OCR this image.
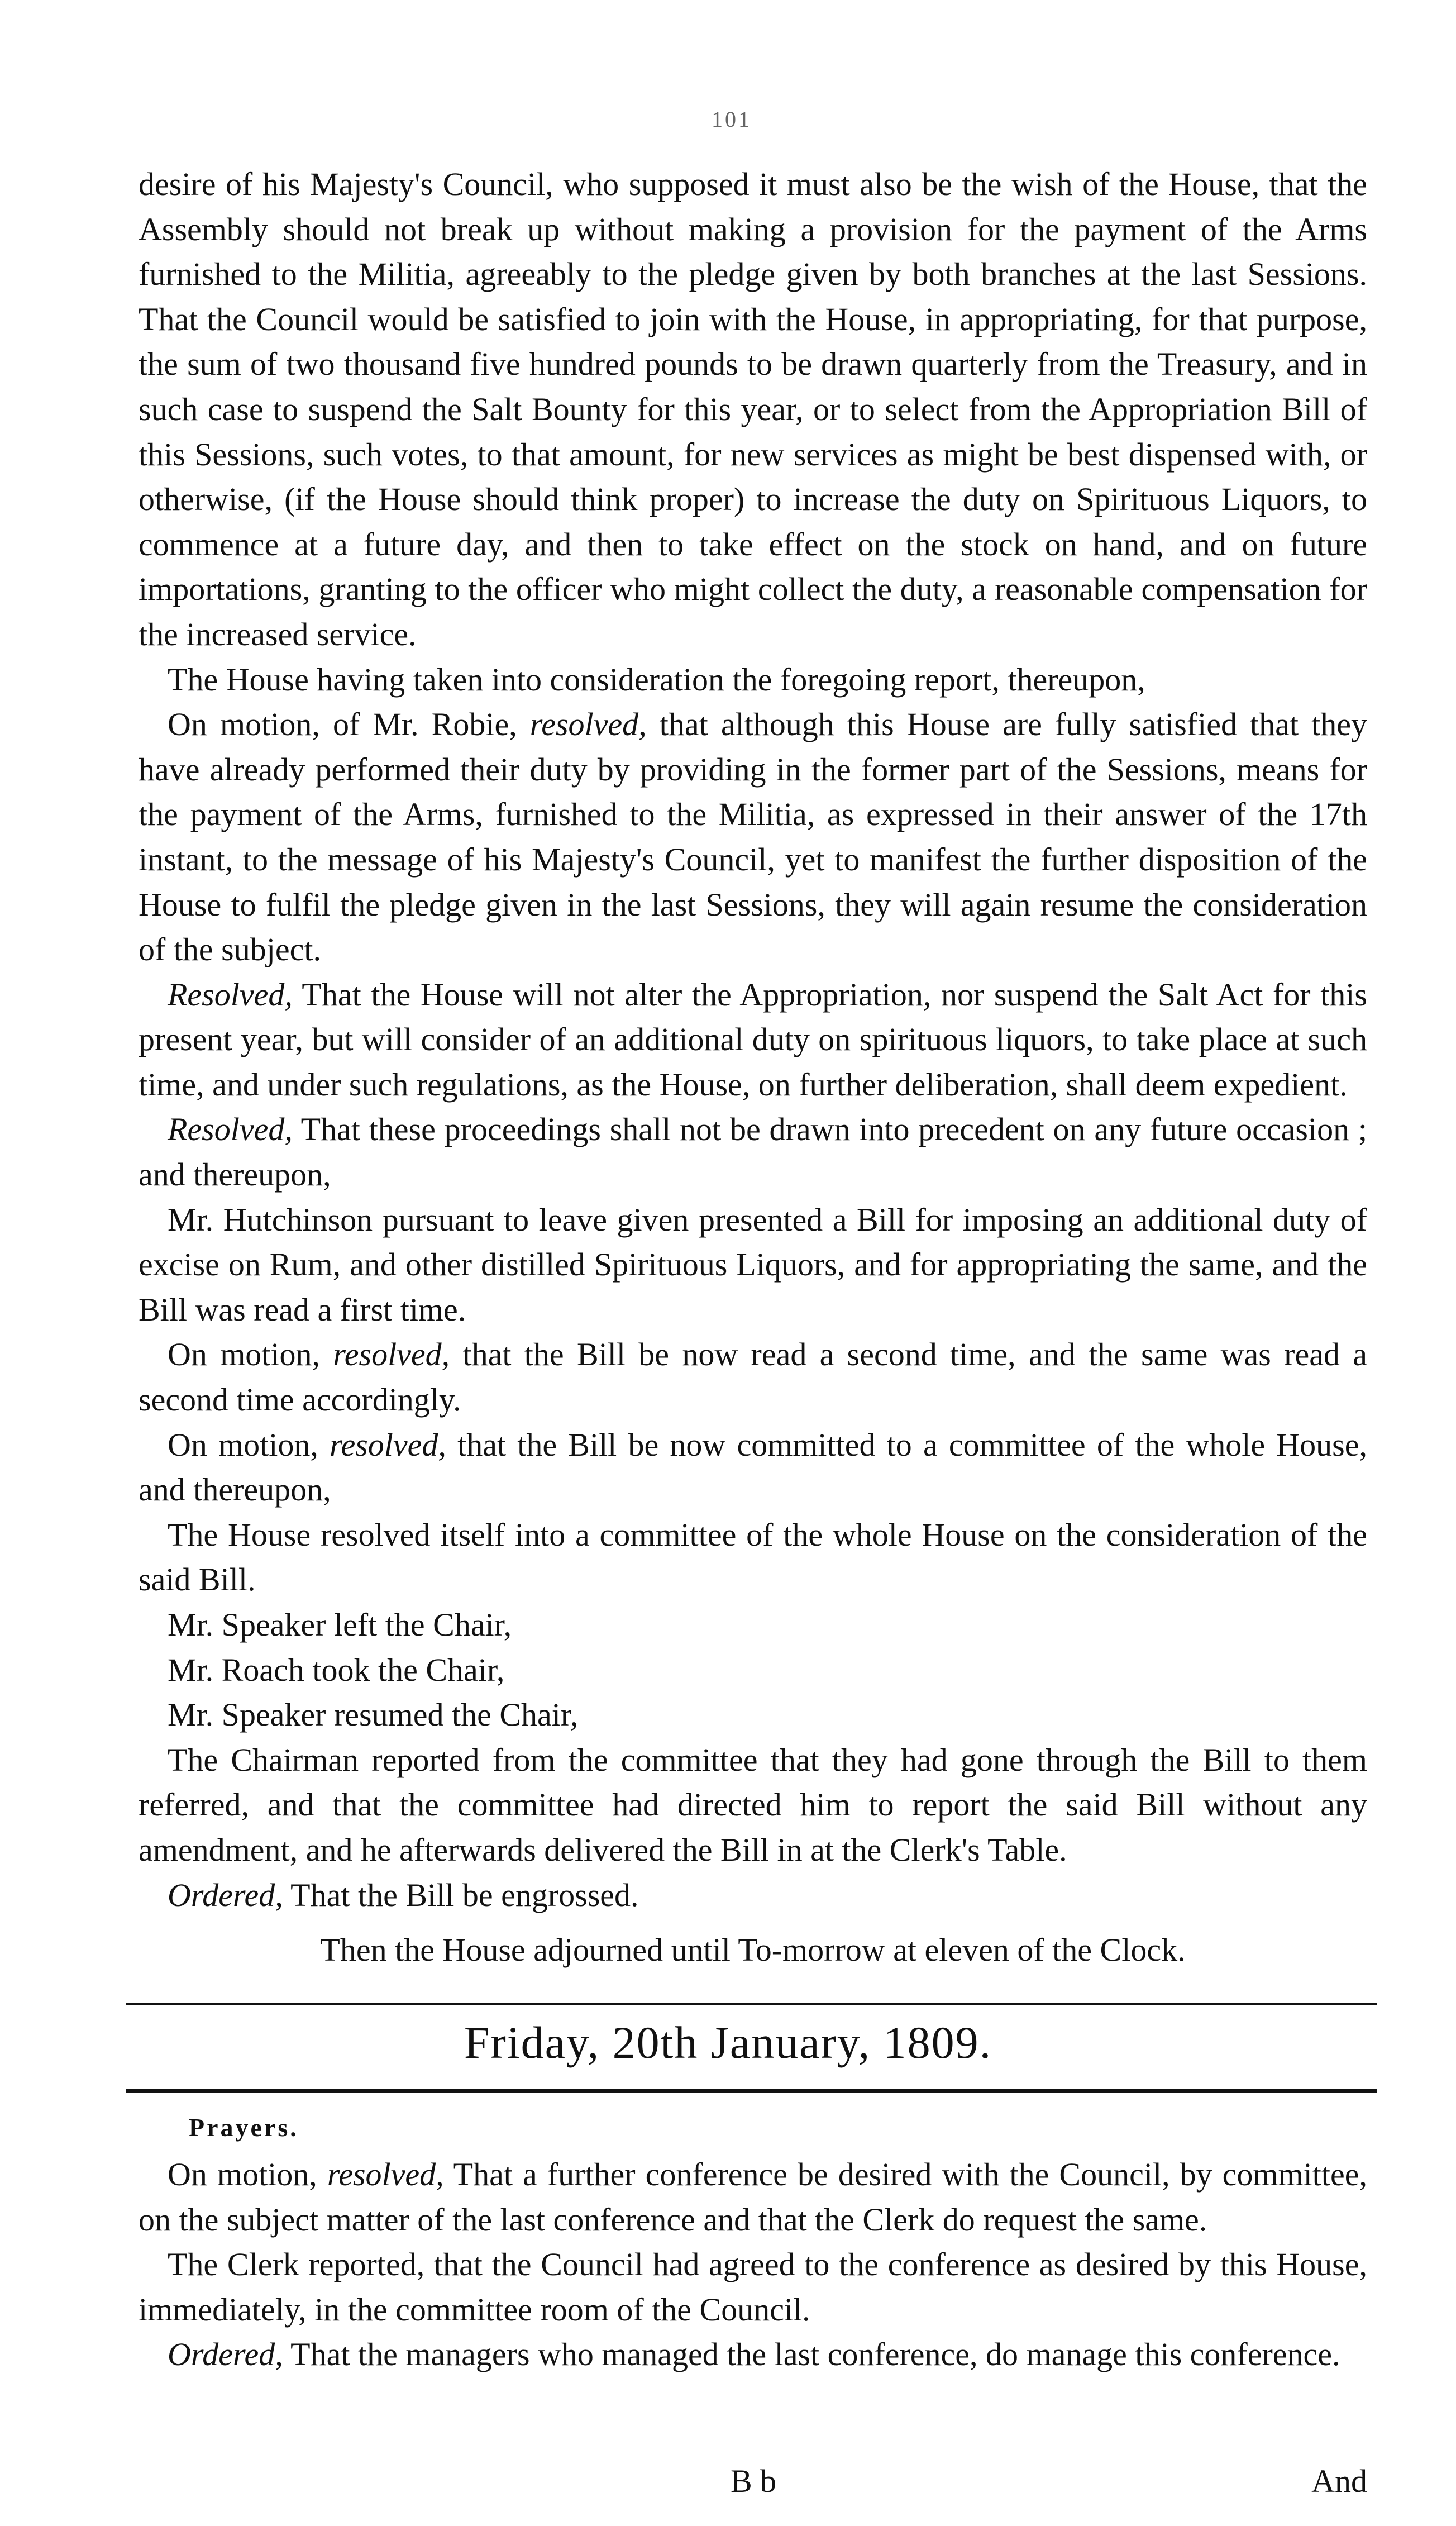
101

desire of his Majesty's Council, who supposed it must also be the wish of the House, that the Assembly should not break up without making a provision for the payment of the Arms furnished to the Militia, agreeably to the pledge given by both branches at the last Sessions. That the Council would be satisfied to join with the House, in appropriating, for that purpose, the sum of two thousand five hundred pounds to be drawn quarterly from the Treasury, and in such case to suspend the Salt Bounty for this year, or to select from the Appropriation Bill of this Sessions, such votes, to that amount, for new services as might be best dispensed with, or otherwise, (if the House should think proper) to increase the duty on Spirituous Liquors, to commence at a future day, and then to take effect on the stock on hand, and on future importations, granting to the officer who might collect the duty, a reasonable compensation for the increased service.

The House having taken into consideration the foregoing report, thereupon,

On motion, of Mr. Robie, resolved, that although this House are fully satisfied that they have already performed their duty by providing in the former part of the Sessions, means for the payment of the Arms, furnished to the Militia, as expressed in their answer of the 17th instant, to the message of his Majesty's Council, yet to manifest the further disposition of the House to fulfil the pledge given in the last Sessions, they will again resume the consideration of the subject.

Resolved, That the House will not alter the Appropriation, nor suspend the Salt Act for this present year, but will consider of an additional duty on spirituous liquors, to take place at such time, and under such regulations, as the House, on further deliberation, shall deem expedient.

Resolved, That these proceedings shall not be drawn into precedent on any future occasion ; and thereupon,

Mr. Hutchinson pursuant to leave given presented a Bill for imposing an additional duty of excise on Rum, and other distilled Spirituous Liquors, and for appropriating the same, and the Bill was read a first time.

On motion, resolved, that the Bill be now read a second time, and the same was read a second time accordingly.

On motion, resolved, that the Bill be now committed to a committee of the whole House, and thereupon,

The House resolved itself into a committee of the whole House on the consideration of the said Bill.

Mr. Speaker left the Chair,

Mr. Roach took the Chair,

Mr. Speaker resumed the Chair,

The Chairman reported from the committee that they had gone through the Bill to them referred, and that the committee had directed him to report the said Bill without any amendment, and he afterwards delivered the Bill in at the Clerk's Table.

Ordered, That the Bill be engrossed.

Then the House adjourned until To-morrow at eleven of the Clock.

Friday, 20th January, 1809.

Prayers.

On motion, resolved, That a further conference be desired with the Council, by committee, on the subject matter of the last conference and that the Clerk do request the same.

The Clerk reported, that the Council had agreed to the conference as desired by this House, immediately, in the committee room of the Council.

Ordered, That the managers who managed the last conference, do manage this conference.

B b	And
